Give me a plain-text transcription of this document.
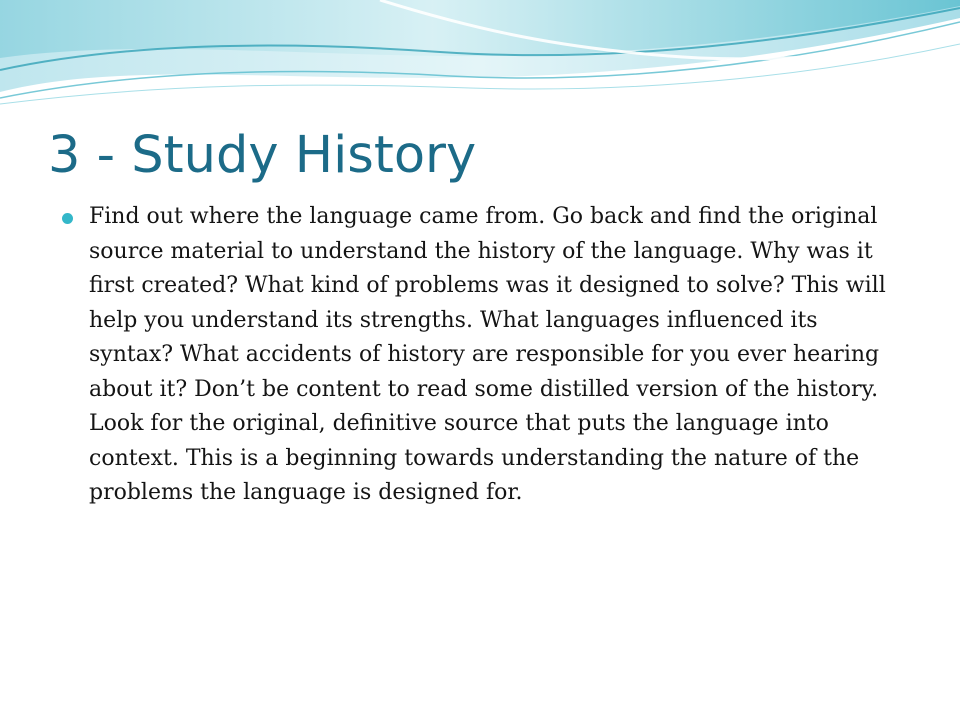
3 - Study History

Find out where the language came from. Go back and find the original source material to understand the history of the language. Why was it first created? What kind of problems was it designed to solve? This will help you understand its strengths. What languages influenced its syntax? What accidents of history are responsible for you ever hearing about it? Don’t be content to read some distilled version of the history. Look for the original, definitive source that puts the language into context. This is a beginning towards understanding the nature of the problems the language is designed for.
